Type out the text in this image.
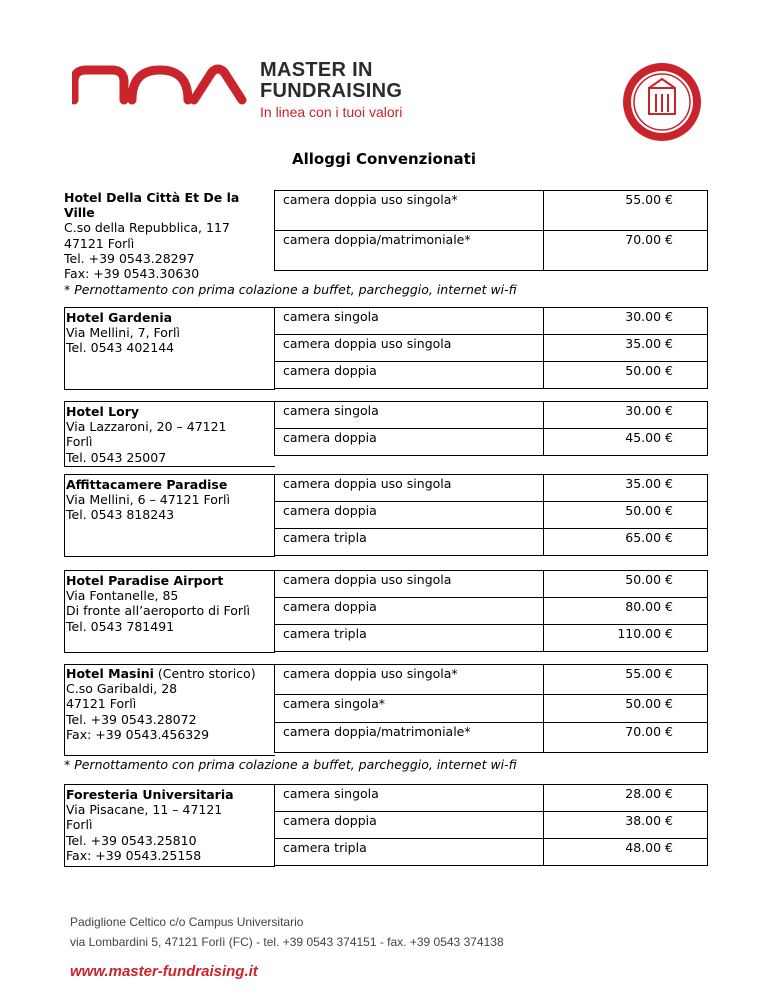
MASTER IN
FUNDRAISING
In linea con i tuoi valori
Alloggi Convenzionati
Hotel Della Città Et De la Ville
C.so della Repubblica, 117
47121 Forlì
Tel. +39 0543.28297
Fax: +39 0543.30630
camera doppia uso singola*	55.00 €
camera doppia/matrimoniale*	70.00 €
* Pernottamento con prima colazione a buffet, parcheggio, internet wi-fi
Hotel Gardenia
Via Mellini, 7, Forlì
Tel. 0543 402144
camera singola	30.00 €
camera doppia uso singola	35.00 €
camera doppia	50.00 €
Hotel Lory
Via Lazzaroni, 20 – 47121
Forlì
Tel. 0543 25007
camera singola	30.00 €
camera doppia	45.00 €
Affittacamere Paradise
Via Mellini, 6 – 47121 Forlì
Tel. 0543 818243
camera doppia uso singola	35.00 €
camera doppia	50.00 €
camera tripla	65.00 €
Hotel Paradise Airport
Via Fontanelle, 85
Di fronte all’aeroporto di Forlì
Tel. 0543 781491
camera doppia uso singola	50.00 €
camera doppia	80.00 €
camera tripla	110.00 €
Hotel Masini (Centro storico)
C.so Garibaldi, 28
47121 Forlì
Tel. +39 0543.28072
Fax: +39 0543.456329
camera doppia uso singola*	55.00 €
camera singola*	50.00 €
camera doppia/matrimoniale*	70.00 €
* Pernottamento con prima colazione a buffet, parcheggio, internet wi-fi
Foresteria Universitaria
Via Pisacane, 11 – 47121
Forlì
Tel. +39 0543.25810
Fax: +39 0543.25158
camera singola	28.00 €
camera doppia	38.00 €
camera tripla	48.00 €
Padiglione Celtico c/o Campus Universitario
via Lombardini 5, 47121 Forlì (FC) - tel. +39 0543 374151 - fax. +39 0543 374138
www.master-fundraising.it
